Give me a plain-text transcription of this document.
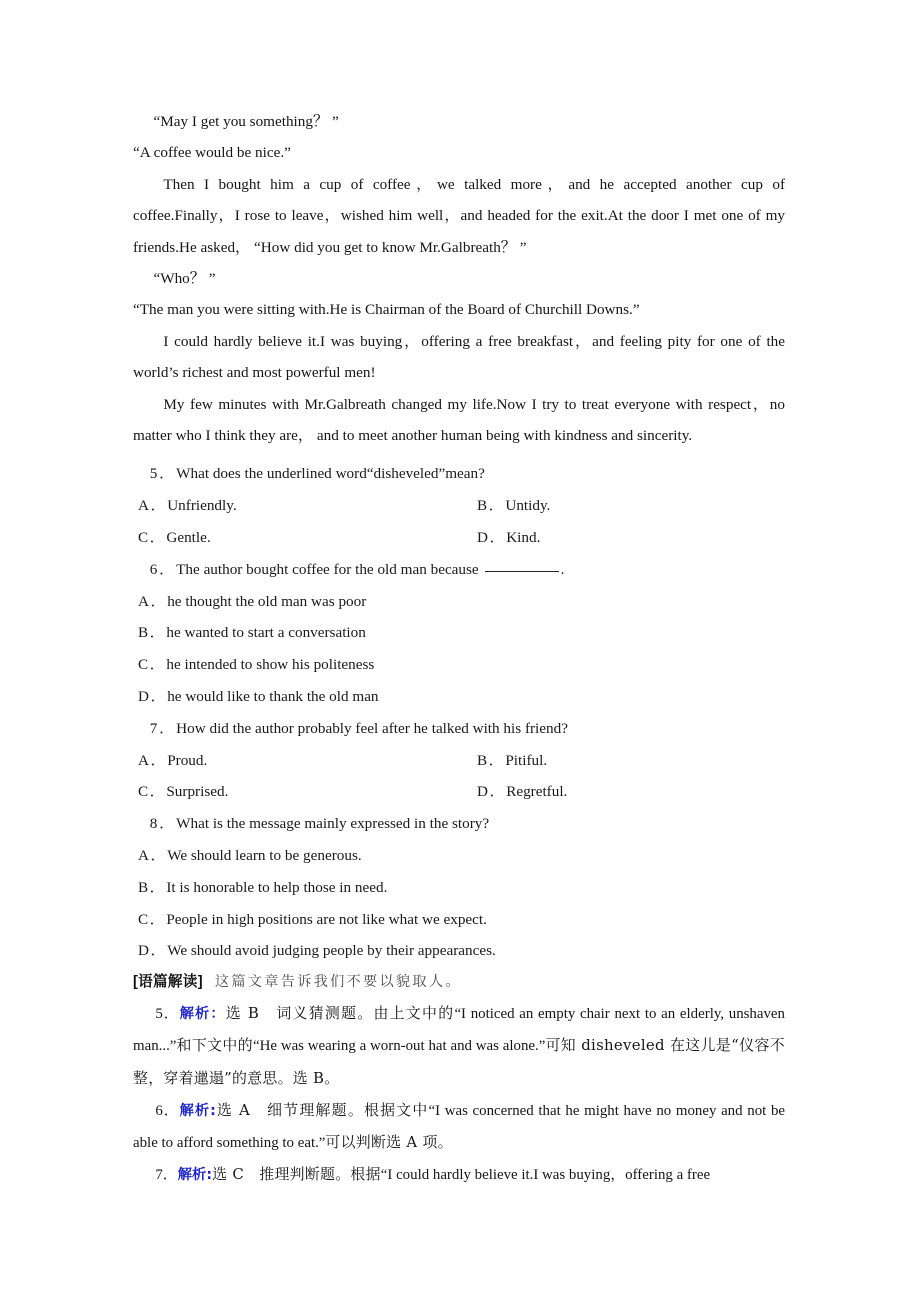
“May I get you something？ ”

“A coffee would be nice.”

Then I bought him a cup of coffee，we talked more，and he accepted another cup of coffee.Finally，I rose to leave，wished him well，and headed for the exit.At the door I met one of my friends.He asked， “How did you get to know Mr.Galbreath？ ”

“Who？ ”

“The man you were sitting with.He is Chairman of the Board of Churchill Downs.”

I could hardly believe it.I was buying，offering a free breakfast，and feeling pity for one of the world’s richest and most powerful men!

My few minutes with Mr.Galbreath changed my life.Now I try to treat everyone with respect，no matter who I think they are， and to meet another human being with kindness and sincerity.

5．What does the underlined word“disheveled”mean?

A．Unfriendly.	B．Untidy.
C．Gentle.	D．Kind.

6．The author bought coffee for the old man because	.

A．he thought the old man was poor
B．he wanted to start a conversation
C．he intended to show his politeness
D．he would like to thank the old man

7．How did the author probably feel after he talked with his friend?

A．Proud.	B．Pitiful.
C．Surprised.	D．Regretful.

8．What is the message mainly expressed in the story?

A．We should learn to be generous.
B．It is honorable to help those in need.
C．People in high positions are not like what we expect.
D．We should avoid judging people by their appearances.

[语篇解读] 这篇文章告诉我们不要以貌取人。

5．解析：选 B　词义猜测题。由上文中的“I noticed an empty chair next to an elderly, unshaven man...”和下文中的“He was wearing a worn-out hat and was alone.”可知 disheveled 在这儿是“仪容不整，穿着邋遢”的意思。选 B。

6．解析:选 A　细节理解题。根据文中“I was concerned that he might have no money and not be able to afford something to eat.”可以判断选 A 项。

7．解析:选 C　推理判断题。根据“I could hardly believe it.I was buying，offering a free
